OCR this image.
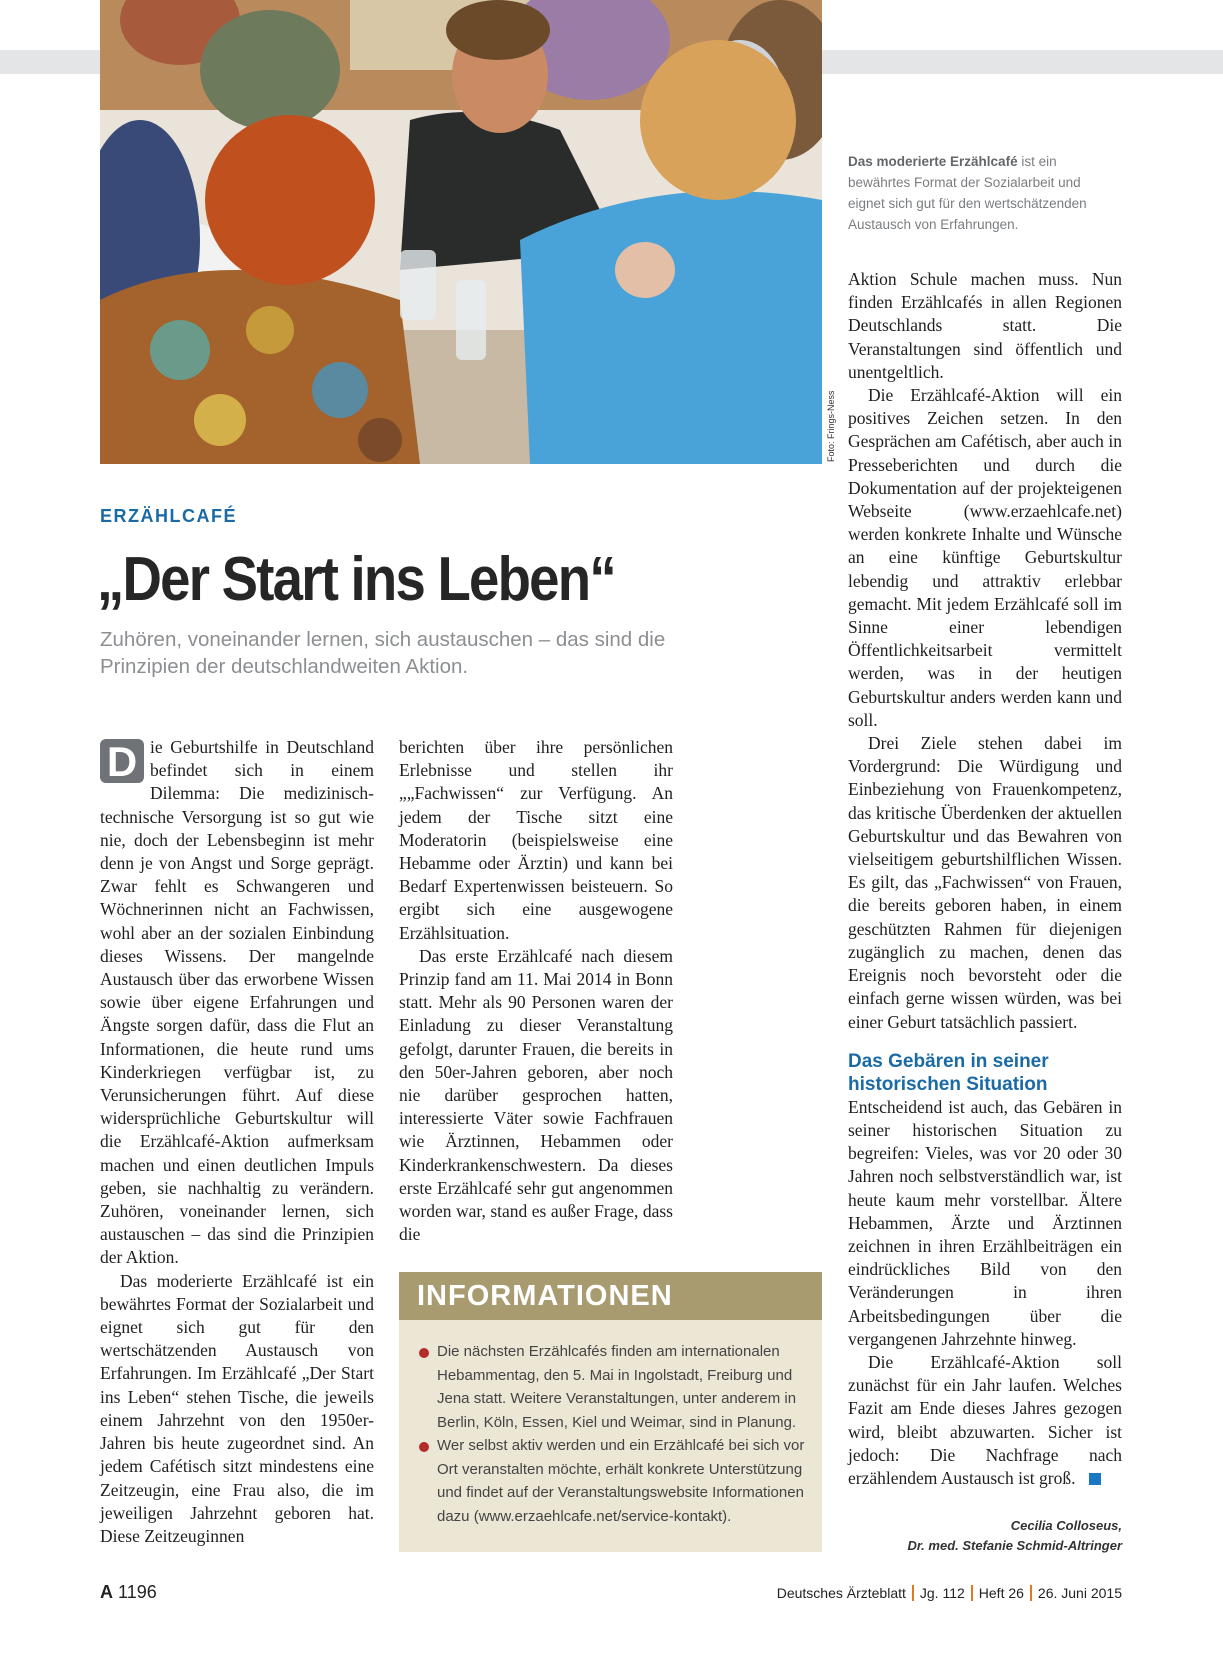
Foto: Frings-Ness
Das moderierte Erzählcafé ist ein bewährtes Format der Sozialarbeit und eignet sich gut für den wertschätzenden Austausch von Erfahrungen.
ERZÄHLCAFÉ
„Der Start ins Leben“
Zuhören, voneinander lernen, sich austauschen – das sind die Prinzipien der deutschlandweiten Aktion.

D ie Geburtshilfe in Deutschland befindet sich in einem Dilemma: Die medizinisch-technische Versorgung ist so gut wie nie, doch der Lebensbeginn ist mehr denn je von Angst und Sorge geprägt. Zwar fehlt es Schwangeren und Wöchnerinnen nicht an Fachwissen, wohl aber an der sozialen Einbindung dieses Wissens. Der mangelnde Austausch über das erworbene Wissen sowie über eigene Erfahrungen und Ängste sorgen dafür, dass die Flut an Informationen, die heute rund ums Kinderkriegen verfügbar ist, zu Verunsicherungen führt. Auf diese widersprüchliche Geburtskultur will die Erzählcafé-Aktion aufmerksam machen und einen deutlichen Impuls geben, sie nachhaltig zu verändern. Zuhören, voneinander lernen, sich austauschen – das sind die Prinzipien der Aktion.

Das moderierte Erzählcafé ist ein bewährtes Format der Sozialarbeit und eignet sich gut für den wertschätzenden Austausch von Erfahrungen. Im Erzählcafé „Der Start ins Leben“ stehen Tische, die jeweils einem Jahrzehnt von den 1950er-Jahren bis heute zugeordnet sind. An jedem Cafétisch sitzt mindestens eine Zeitzeugin, eine Frau also, die im jeweiligen Jahrzehnt geboren hat. Diese Zeitzeuginnen

berichten über ihre persönlichen Erlebnisse und stellen ihr „„Fachwissen“ zur Verfügung. An jedem der Tische sitzt eine Moderatorin (beispielsweise eine Hebamme oder Ärztin) und kann bei Bedarf Expertenwissen beisteuern. So ergibt sich eine ausgewogene Erzählsituation.

Das erste Erzählcafé nach diesem Prinzip fand am 11. Mai 2014 in Bonn statt. Mehr als 90 Personen waren der Einladung zu dieser Veranstaltung gefolgt, darunter Frauen, die bereits in den 50er-Jahren geboren, aber noch nie darüber gesprochen hatten, interessierte Väter sowie Fachfrauen wie Ärztinnen, Hebammen oder Kinderkrankenschwestern. Da dieses erste Erzählcafé sehr gut angenommen worden war, stand es außer Frage, dass die

Aktion Schule machen muss. Nun finden Erzählcafés in allen Regionen Deutschlands statt. Die Veranstaltungen sind öffentlich und unentgeltlich.

Die Erzählcafé-Aktion will ein positives Zeichen setzen. In den Gesprächen am Cafétisch, aber auch in Presseberichten und durch die Dokumentation auf der projekteigenen Webseite (www.erzaehlcafe.net) werden konkrete Inhalte und Wünsche an eine künftige Geburtskultur lebendig und attraktiv erlebbar gemacht. Mit jedem Erzählcafé soll im Sinne einer lebendigen Öffentlichkeitsarbeit vermittelt werden, was in der heutigen Geburtskultur anders werden kann und soll.

Drei Ziele stehen dabei im Vordergrund: Die Würdigung und Einbeziehung von Frauenkompetenz, das kritische Überdenken der aktuellen Geburtskultur und das Bewahren von vielseitigem geburtshilflichen Wissen. Es gilt, das „Fachwissen“ von Frauen, die bereits geboren haben, in einem geschützten Rahmen für diejenigen zugänglich zu machen, denen das Ereignis noch bevorsteht oder die einfach gerne wissen würden, was bei einer Geburt tatsächlich passiert.

Das Gebären in seiner historischen Situation

Entscheidend ist auch, das Gebären in seiner historischen Situation zu begreifen: Vieles, was vor 20 oder 30 Jahren noch selbstverständlich war, ist heute kaum mehr vorstellbar. Ältere Hebammen, Ärzte und Ärztinnen zeichnen in ihren Erzählbeiträgen ein eindrückliches Bild von den Veränderungen in ihren Arbeitsbedingungen über die vergangenen Jahrzehnte hinweg.

Die Erzählcafé-Aktion soll zunächst für ein Jahr laufen. Welches Fazit am Ende dieses Jahres gezogen wird, bleibt abzuwarten. Sicher ist jedoch: Die Nachfrage nach erzählendem Austausch ist groß.

Cecilia Colloseus,
Dr. med. Stefanie Schmid-Altringer
INFORMATIONEN
Die nächsten Erzählcafés finden am internationalen Hebammentag, den 5. Mai in Ingolstadt, Freiburg und Jena statt. Weitere Veranstaltungen, unter anderem in Berlin, Köln, Essen, Kiel und Weimar, sind in Planung.
Wer selbst aktiv werden und ein Erzählcafé bei sich vor Ort veranstalten möchte, erhält konkrete Unterstützung und findet auf der Veranstaltungswebsite Informationen dazu (www.erzaehlcafe.net/service-kontakt).
A 1196	Deutsches Ärzteblatt Jg. 112 Heft 26 26. Juni 2015
